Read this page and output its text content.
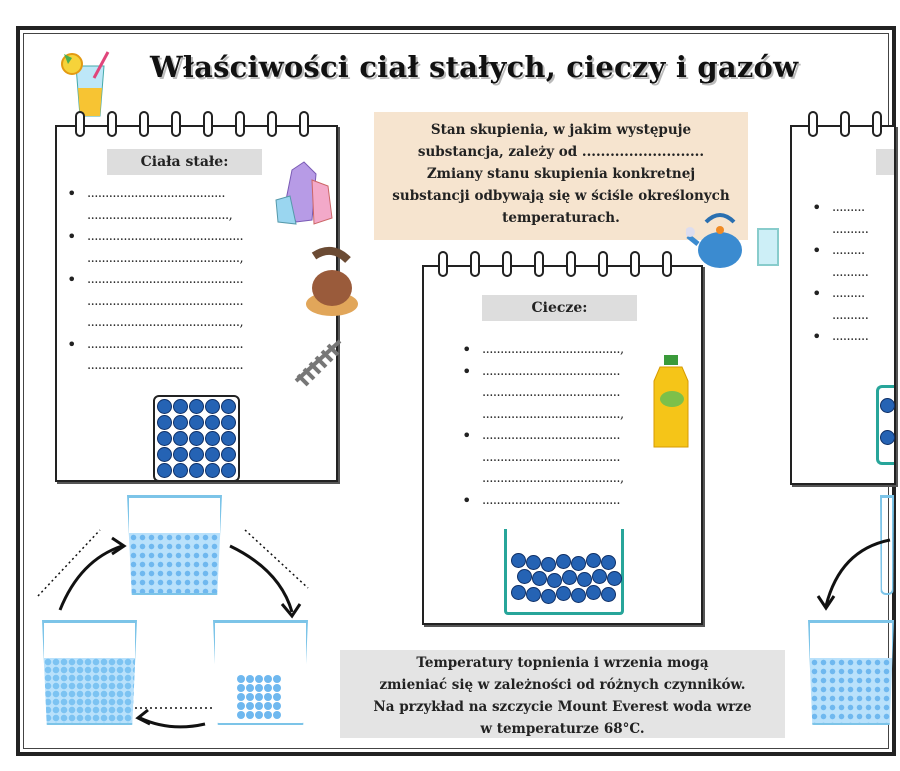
Właściwości ciał stałych, cieczy i gazów
Ciała stałe:
• ......................................
.......................................,
• ...........................................
..........................................,
• ...........................................
...........................................
..........................................,
• ...........................................
...........................................
Stan skupienia, w jakim występuje
substancja, zależy od ..........................
Zmiany stanu skupienia konkretnej
substancji odbywają się w ściśle określonych
temperaturach.
Ciecze:
• ......................................,
• ......................................
......................................
......................................,
• ......................................
......................................
......................................,
• ......................................
• .........
..........
• .........
..........
• .........
..........
• ..........
Temperatury topnienia i wrzenia mogą
zmieniać się w zależności od różnych czynników.
Na przykład na szczycie Mount Everest woda wrze
w temperaturze 68°C.
